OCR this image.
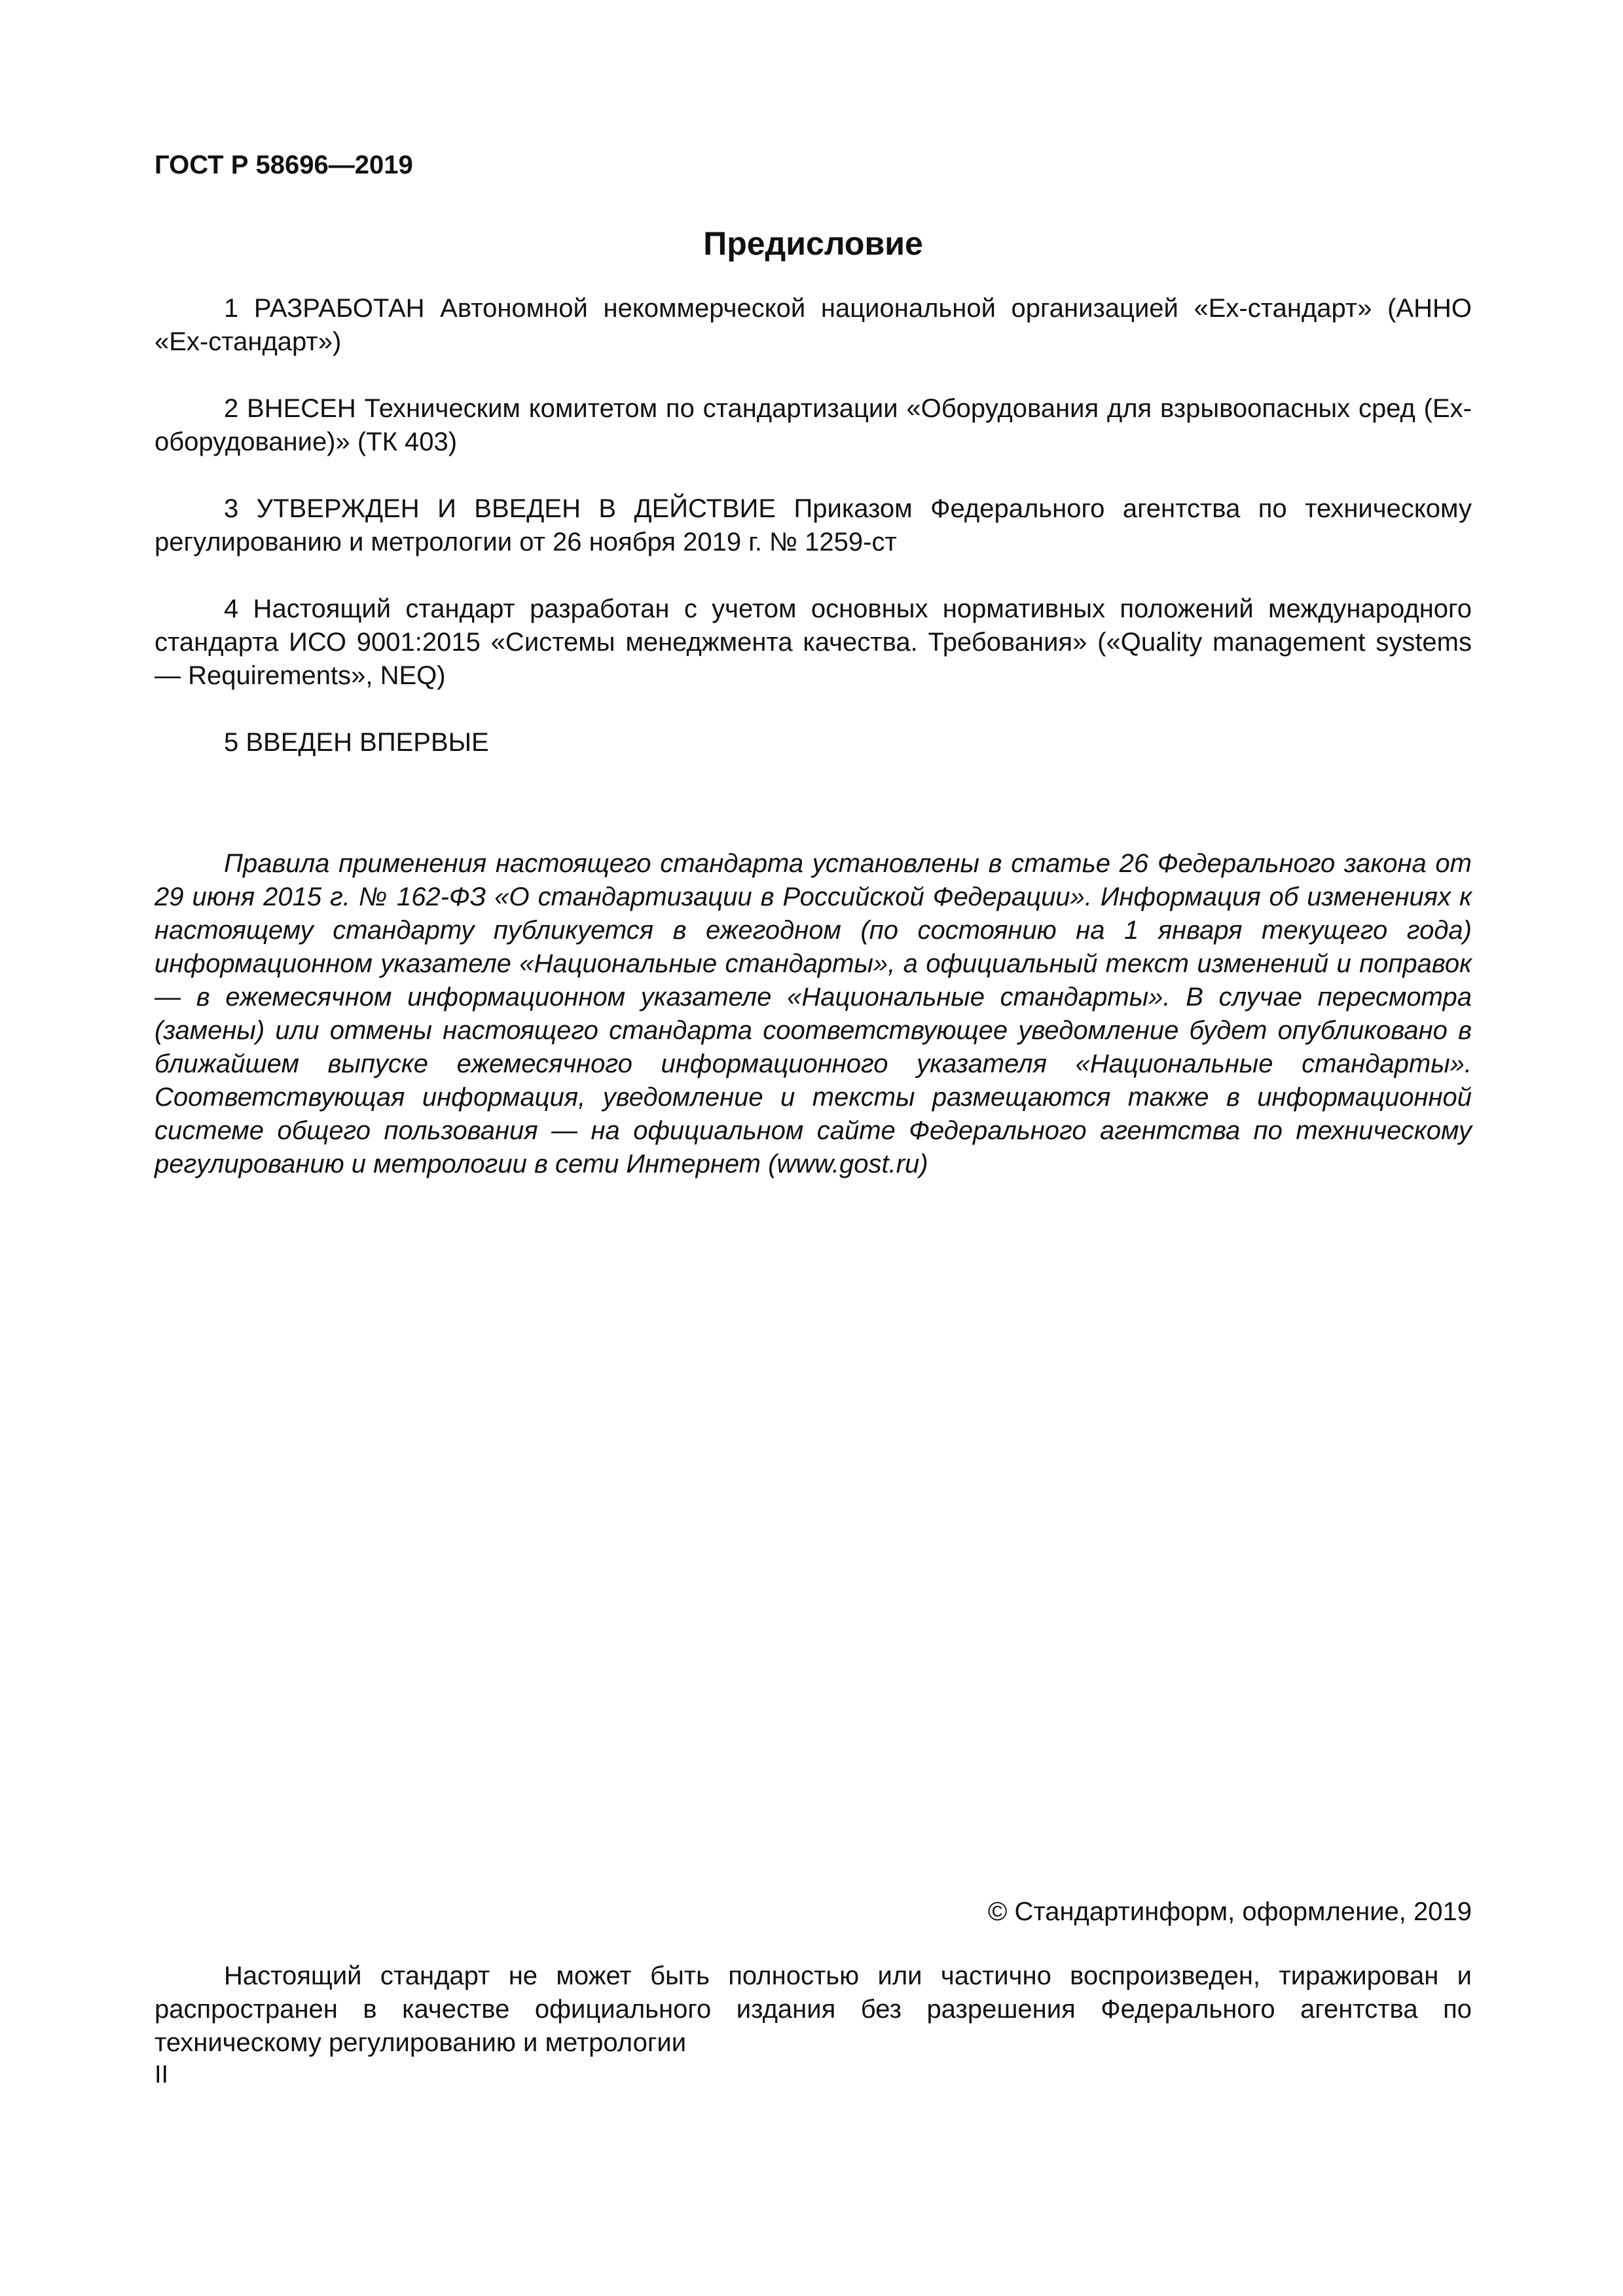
ГОСТ Р 58696—2019

Предисловие

1 РАЗРАБОТАН Автономной некоммерческой национальной организацией «Ех-стандарт» (АННО «Ех-стандарт»)

2 ВНЕСЕН Техническим комитетом по стандартизации «Оборудования для взрывоопасных сред (Ех-оборудование)» (ТК 403)

3 УТВЕРЖДЕН И ВВЕДЕН В ДЕЙСТВИЕ Приказом Федерального агентства по техническому регулированию и метрологии от 26 ноября 2019 г. № 1259-ст

4 Настоящий стандарт разработан с учетом основных нормативных положений международного стандарта ИСО 9001:2015 «Системы менеджмента качества. Требования» («Quality management systems — Requirements», NEQ)

5 ВВЕДЕН ВПЕРВЫЕ

Правила применения настоящего стандарта установлены в статье 26 Федерального закона от 29 июня 2015 г. № 162-ФЗ «О стандартизации в Российской Федерации». Информация об изменениях к настоящему стандарту публикуется в ежегодном (по состоянию на 1 января текущего года) информационном указателе «Национальные стандарты», а официальный текст изменений и поправок — в ежемесячном информационном указателе «Национальные стандарты». В случае пересмотра (замены) или отмены настоящего стандарта соответствующее уведомление будет опубликовано в ближайшем выпуске ежемесячного информационного указателя «Национальные стандарты». Соответствующая информация, уведомление и тексты размещаются также в информационной системе общего пользования — на официальном сайте Федерального агентства по техническому регулированию и метрологии в сети Интернет (www.gost.ru)

© Стандартинформ, оформление, 2019

Настоящий стандарт не может быть полностью или частично воспроизведен, тиражирован и распространен в качестве официального издания без разрешения Федерального агентства по техническому регулированию и метрологии

II
